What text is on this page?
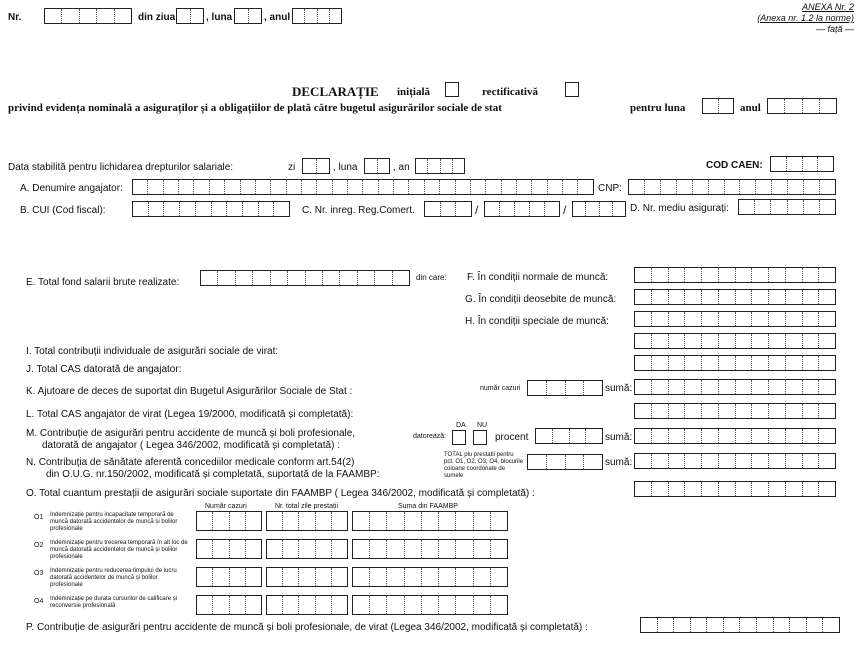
Nr.	din ziua	, luna	, anul
ANEXA Nr. 2
(Anexa nr. 1.2 la norme)
— față —
DECLARAȚIE inițială	rectificativă
privind evidența nominală a asiguraților și a obligațiilor de plată către bugetul asigurărilor sociale de stat	pentru luna	anul
Data stabilită pentru lichidarea drepturilor salariale:	zi	, luna	, an	COD CAEN:
A. Denumire angajator:	CNP:
B. CUI (Cod fiscal):	C. Nr. inreg. Reg.Comert.	/	/	D. Nr. mediu asigurați:
E. Total fond salarii brute realizate:	din care: F. În condiții normale de muncă:
G. În condiții deosebite de muncă:
H. În condiții speciale de muncă:
I. Total contribuții individuale de asigurări sociale de virat:
J. Total CAS datorată de angajator:
K. Ajutoare de deces de suportat din Bugetul Asigurărilor Sociale de Stat :	număr cazuri	sumă:
L. Total CAS angajator de virat (Legea 19/2000, modificată și completată):
M. Contribuție de asigurări pentru accidente de muncă și boli profesionale,
datorată de angajator ( Legea 346/2002, modificată și completată) :
datorează:
DA NU
procent	sumă:
N. Contribuția de sănătate aferentă concediilor medicale conform art.54(2)
din O.U.G. nr.150/2002, modificată și completată, suportată de la FAAMBP:
TOTAL plu prestatii pentru pct. O1, O2, O3, O4, blocurile coloane coordonate de sumele
sumă:
O. Total cuantum prestații de asigurări sociale suportate din FAAMBP ( Legea 346/2002, modificată și completată) :
Număr cazuri	Nr. total zile prestații	Suma din FAAMBP
O1 Indemnizație pentru incapacitate temporară de muncă datorată accidentelor de muncă și bolilor profesionale
O2 Indemnizație pentru trecerea temporară în alt loc de muncă datorată accidentelor de muncă și bolilor profesionale
O3 Indemnizație pentru reducerea timpului de lucru datorată accidentelor de muncă și bolilor profesionale
O4 Indemnizație pe durata cursurilor de calificare și reconversie profesională
P. Contribuție de asigurări pentru accidente de muncă și boli profesionale, de virat (Legea 346/2002, modificată și completată) :
